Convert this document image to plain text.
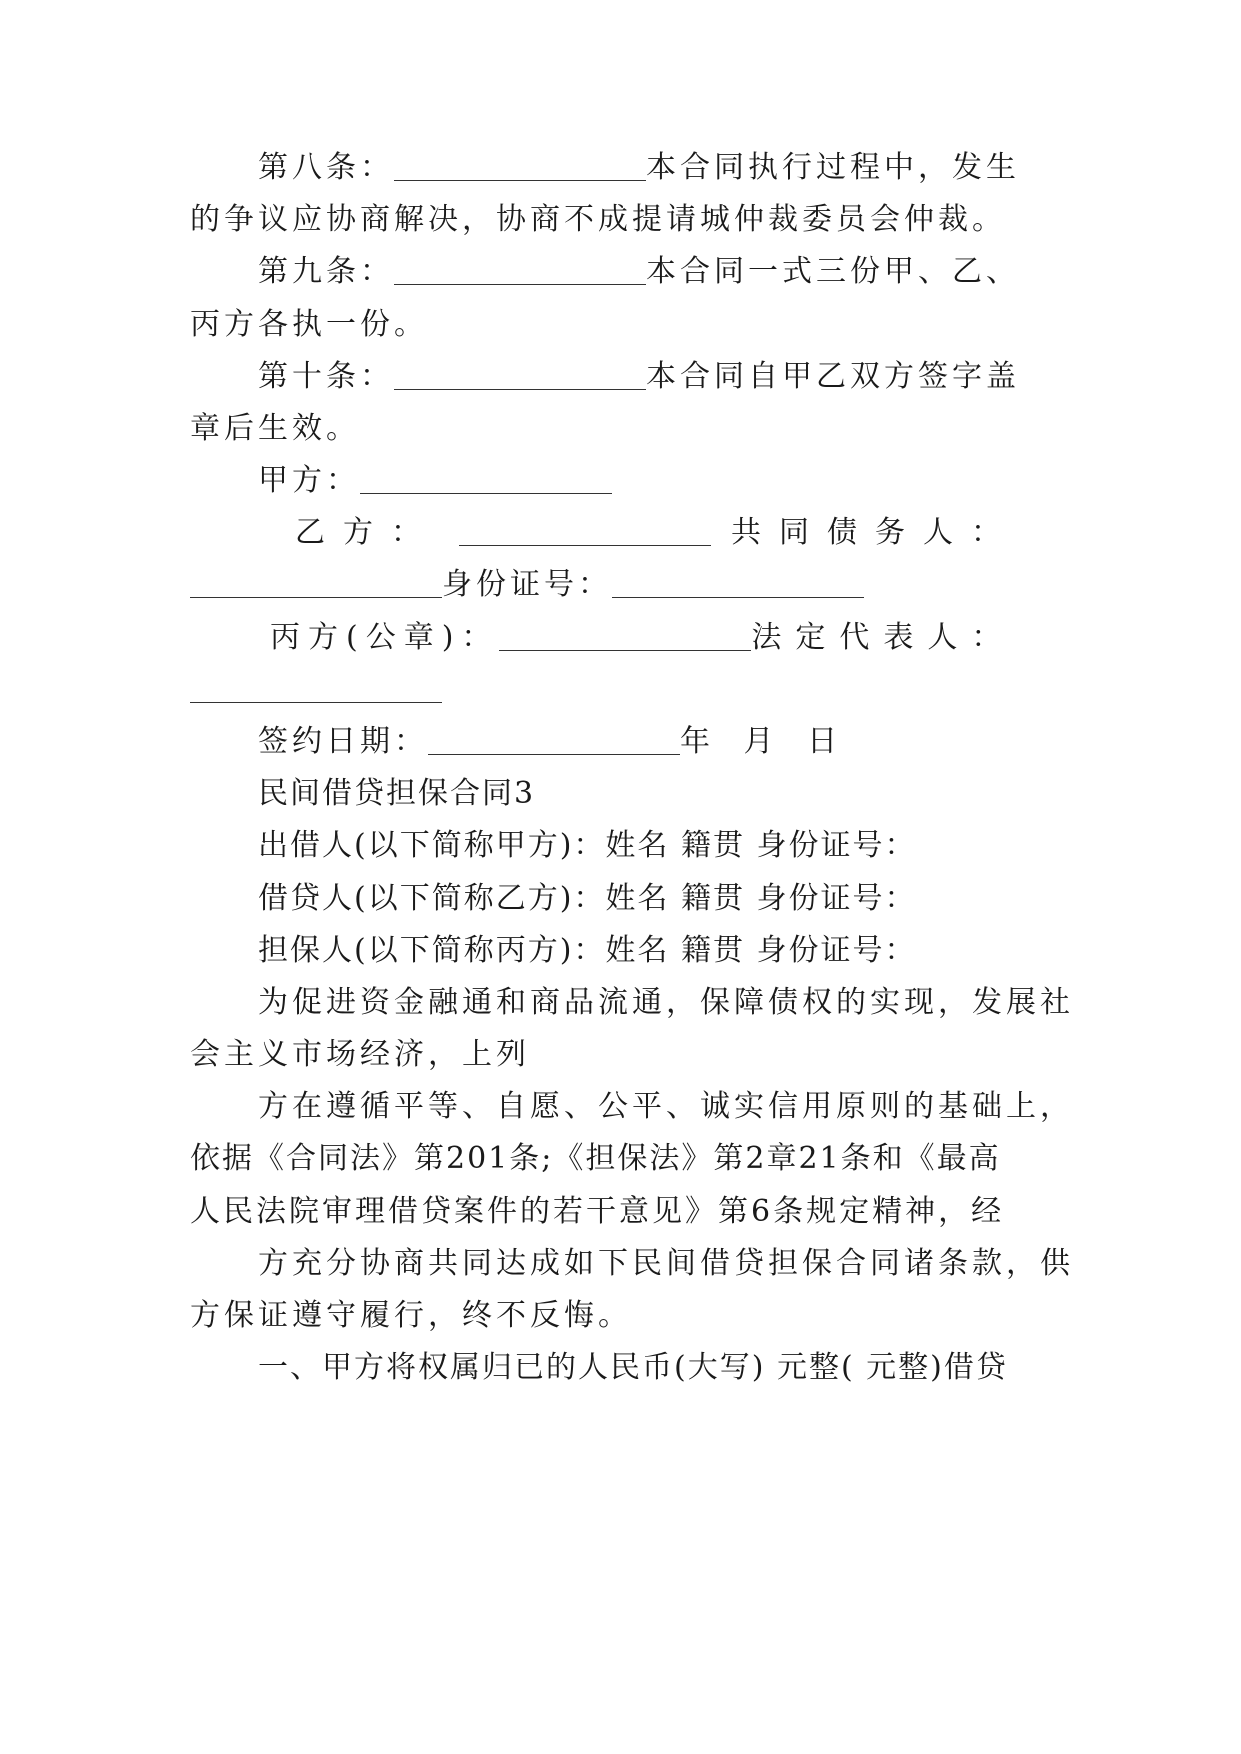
第八条：	本合同执行过程中，发生
的争议应协商解决，协商不成提请城仲裁委员会仲裁。
第九条：	本合同一式三份甲、乙、
丙方各执一份。
第十条：	本合同自甲乙双方签字盖
章后生效。
甲方：
乙方：	共同债务人：
身份证号：
丙方(公章)：	法定代表人：
签约日期：	年 月 日
民间借贷担保合同3
出借人(以下简称甲方)：姓名 籍贯 身份证号：
借贷人(以下简称乙方)：姓名 籍贯 身份证号：
担保人(以下简称丙方)：姓名 籍贯 身份证号：
为促进资金融通和商品流通，保障债权的实现，发展社
会主义市场经济，上列
方在遵循平等、自愿、公平、诚实信用原则的基础上，
依据《合同法》第201条;《担保法》第2章21条和《最高
人民法院审理借贷案件的若干意见》第6条规定精神，经
方充分协商共同达成如下民间借贷担保合同诸条款，供
方保证遵守履行，终不反悔。
一、甲方将权属归已的人民币(大写) 元整( 元整)借贷
